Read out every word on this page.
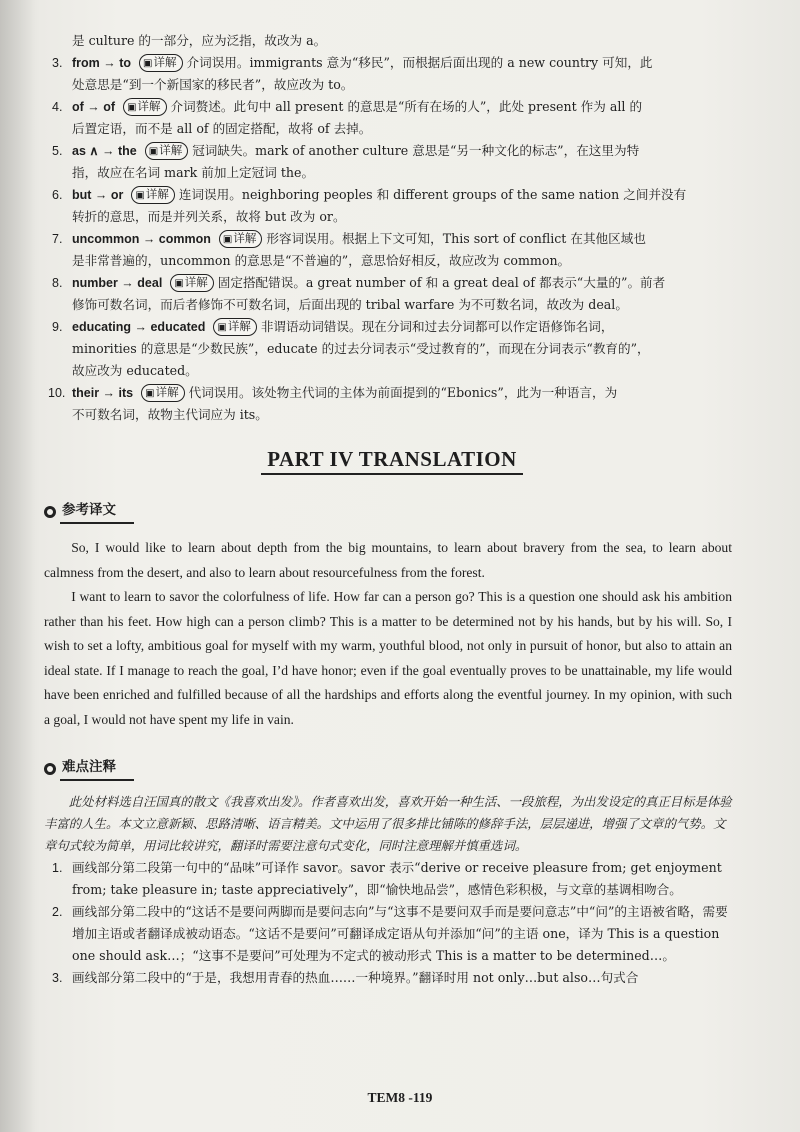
是 culture 的一部分，应为泛指，故改为 a。
3. from → to ▣详解 介词误用。immigrants 意为“移民”，而根据后面出现的 a new country 可知，此
处意思是“到一个新国家的移民者”，故应改为 to。
4. of → of ▣详解 介词赘述。此句中 all present 的意思是“所有在场的人”，此处 present 作为 all 的
后置定语，而不是 all of 的固定搭配，故将 of 去掉。
5. as ∧ → the ▣详解 冠词缺失。mark of another culture 意思是“另一种文化的标志”，在这里为特
指，故应在名词 mark 前加上定冠词 the。
6. but → or ▣详解 连词误用。neighboring peoples 和 different groups of the same nation 之间并没有
转折的意思，而是并列关系，故将 but 改为 or。
7. uncommon → common ▣详解 形容词误用。根据上下文可知，This sort of conflict 在其他区域也
是非常普遍的，uncommon 的意思是“不普遍的”，意思恰好相反，故应改为 common。
8. number → deal ▣详解 固定搭配错误。a great number of 和 a great deal of 都表示“大量的”。前者
修饰可数名词，而后者修饰不可数名词，后面出现的 tribal warfare 为不可数名词，故改为 deal。
9. educating → educated ▣详解 非谓语动词错误。现在分词和过去分词都可以作定语修饰名词，
minorities 的意思是“少数民族”，educate 的过去分词表示“受过教育的”，而现在分词表示“教育的”，
故应改为 educated。
10. their → its ▣详解 代词误用。该处物主代词的主体为前面提到的“Ebonics”，此为一种语言，为
不可数名词，故物主代词应为 its。
PART IV TRANSLATION
参考译文

So, I would like to learn about depth from the big mountains, to learn about bravery from the sea, to learn about calmness from the desert, and also to learn about resourcefulness from the forest.

I want to learn to savor the colorfulness of life. How far can a person go? This is a question one should ask his ambition rather than his feet. How high can a person climb? This is a matter to be determined not by his hands, but by his will. So, I wish to set a lofty, ambitious goal for myself with my warm, youthful blood, not only in pursuit of honor, but also to attain an ideal state. If I manage to reach the goal, I’d have honor; even if the goal eventually proves to be unattainable, my life would have been enriched and fulfilled because of all the hardships and efforts along the eventful journey. In my opinion, with such a goal, I would not have spent my life in vain.

难点注释
此处材料选自汪国真的散文《我喜欢出发》。作者喜欢出发，喜欢开始一种生活、一段旅程，为出发设定的真正目标是体验丰富的人生。本文立意新颖、思路清晰、语言精美。文中运用了很多排比铺陈的修辞手法，层层递进，增强了文章的气势。文章句式较为简单，用词比较讲究，翻译时需要注意句式变化，同时注意理解并慎重选词。
1. 画线部分第二段第一句中的“品味”可译作 savor。savor 表示“derive or receive pleasure from; get enjoyment from; take pleasure in; taste appreciatively”，即“愉快地品尝”，感情色彩积极，与文章的基调相吻合。
2. 画线部分第二段中的“这话不是要问两脚而是要问志向”与“这事不是要问双手而是要问意志”中“问”的主语被省略，需要增加主语或者翻译成被动语态。“这话不是要问”可翻译成定语从句并添加“问”的主语 one，译为 This is a question one should ask…；“这事不是要问”可处理为不定式的被动形式 This is a matter to be determined…。
3. 画线部分第二段中的“于是，我想用青春的热血……一种境界。”翻译时用 not only…but also…句式合
TEM8 -119
